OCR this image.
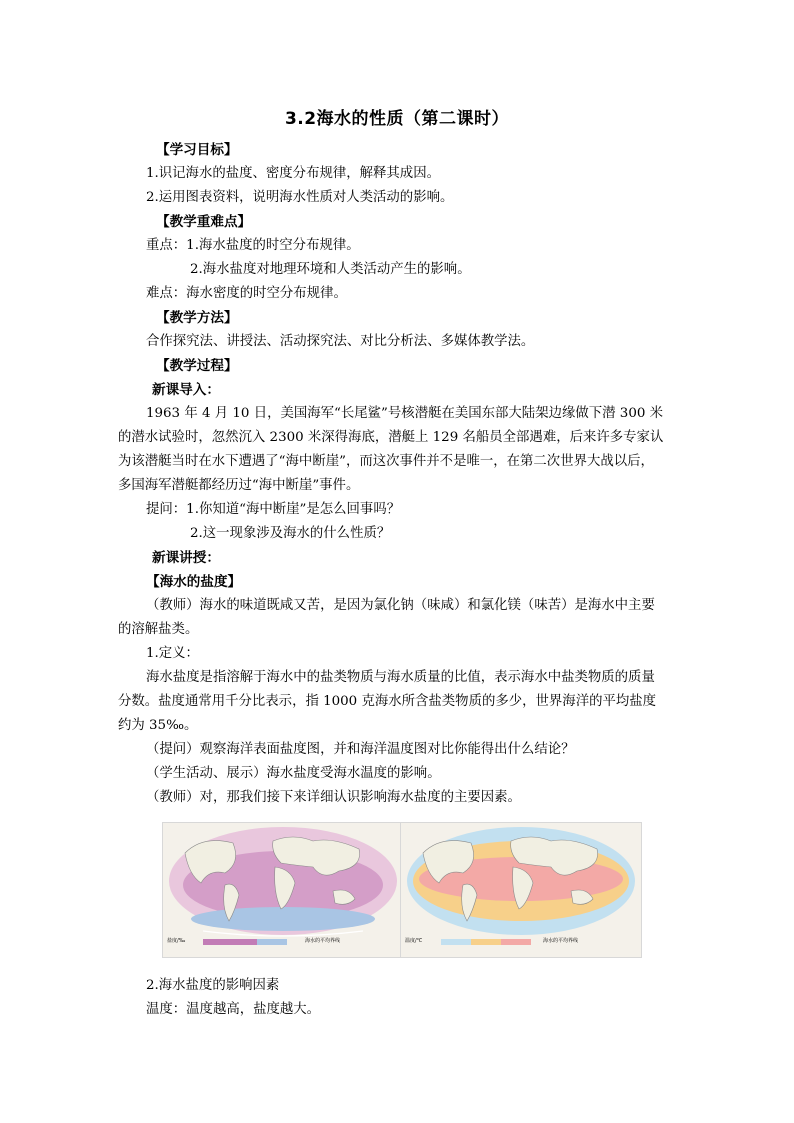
3.2海水的性质（第二课时）
【学习目标】
1.识记海水的盐度、密度分布规律，解释其成因。
2.运用图表资料，说明海水性质对人类活动的影响。
【教学重难点】
重点：1.海水盐度的时空分布规律。
2.海水盐度对地理环境和人类活动产生的影响。
难点：海水密度的时空分布规律。
【教学方法】
合作探究法、讲授法、活动探究法、对比分析法、多媒体教学法。
【教学过程】
新课导入：
1963 年 4 月 10 日，美国海军“长尾鲨”号核潜艇在美国东部大陆架边缘做下潜 300 米
的潜水试验时，忽然沉入 2300 米深得海底，潜艇上 129 名船员全部遇难，后来许多专家认
为该潜艇当时在水下遭遇了“海中断崖”，而这次事件并不是唯一，在第二次世界大战以后，
多国海军潜艇都经历过“海中断崖”事件。
提问：1.你知道“海中断崖”是怎么回事吗？
2.这一现象涉及海水的什么性质？
新课讲授：
【海水的盐度】
（教师）海水的味道既咸又苦，是因为氯化钠（味咸）和氯化镁（味苦）是海水中主要
的溶解盐类。
1.定义：
海水盐度是指溶解于海水中的盐类物质与海水质量的比值，表示海水中盐类物质的质量
分数。盐度通常用千分比表示，指 1000 克海水所含盐类物质的多少，世界海洋的平均盐度
约为 35‰。
（提问）观察海洋表面盐度图，并和海洋温度图对比你能得出什么结论？
（学生活动、展示）海水盐度受海水温度的影响。
（教师）对，那我们接下来详细认识影响海水盐度的主要因素。
盐度/‰	海水的平均界线	温度/℃	海水的平均界线
2.海水盐度的影响因素
温度：温度越高，盐度越大。
